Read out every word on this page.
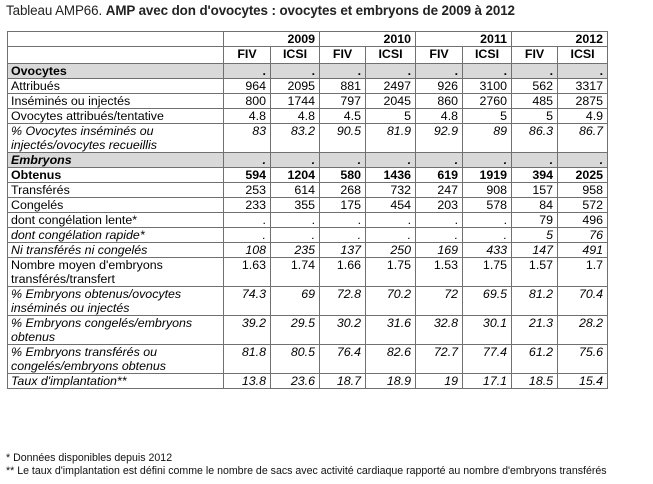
Tableau AMP66. AMP avec don d'ovocytes : ovocytes et embryons de 2009 à 2012
	2009		2010		2011		2012	
	FIV	ICSI	FIV	ICSI	FIV	ICSI	FIV	ICSI
Ovocytes	.	.	.	.	.	.	.	.
Attribués	964	2095	881	2497	926	3100	562	3317
Inséminés ou injectés	800	1744	797	2045	860	2760	485	2875
Ovocytes attribués/tentative	4.8	4.8	4.5	5	4.8	5	5	4.9
% Ovocytes inséminés ou injectés/ovocytes recueillis	83	83.2	90.5	81.9	92.9	89	86.3	86.7
Embryons	.	.	.	.	.	.	.	.
Obtenus	594	1204	580	1436	619	1919	394	2025
Transférés	253	614	268	732	247	908	157	958
Congelés	233	355	175	454	203	578	84	572
dont congélation lente*	.	.	.	.	.	.	79	496
dont congélation rapide*	.	.	.	.	.	.	5	76
Ni transférés ni congelés	108	235	137	250	169	433	147	491
Nombre moyen d'embryons transférés/transfert	1.63	1.74	1.66	1.75	1.53	1.75	1.57	1.7
% Embryons obtenus/ovocytes inséminés ou injectés	74.3	69	72.8	70.2	72	69.5	81.2	70.4
% Embryons congelés/embryons obtenus	39.2	29.5	30.2	31.6	32.8	30.1	21.3	28.2
% Embryons transférés ou congelés/embryons obtenus	81.8	80.5	76.4	82.6	72.7	77.4	61.2	75.6
Taux d'implantation**	13.8	23.6	18.7	18.9	19	17.1	18.5	15.4
* Données disponibles depuis 2012
** Le taux d'implantation est défini comme le nombre de sacs avec activité cardiaque rapporté au nombre d'embryons transférés
